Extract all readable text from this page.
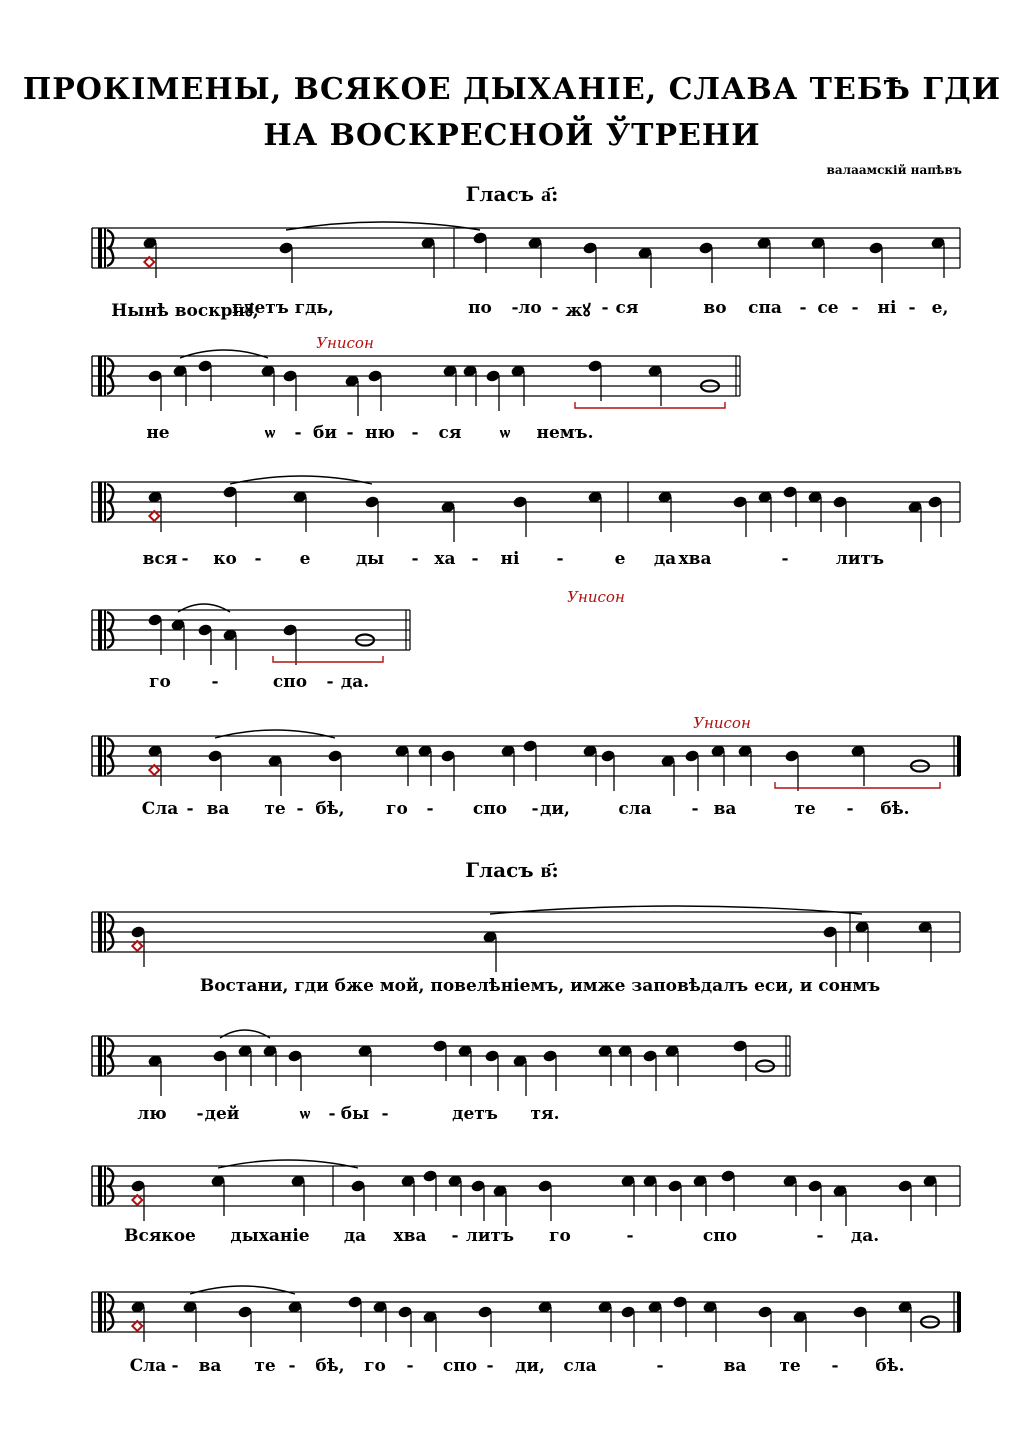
ПРОКІМЕНЫ, ВСЯКОЕ ДЫХАНІЕ, СЛАВА ТЕБѢ ГДИ
НА ВОСКРЕСНОЙ ЎТРЕНИ
валаамскій напѣвъ
Гласъ а҃:
Гласъ в҃:
Нынѣ воскрнꙋ,
глетъ гдь,	по - ло - жꙋ - ся	во спа - се - ні - е,
Унисон
не	ѡ - би - ню - ся ѡ немъ.
вся - ко - е	ды - ха - ні -	е да хва	-	литъ
Унисон
го -	спо - да.
Унисон
Сла - ва те - бѣ, го - спо - ди,	сла - ва	те - бѣ.
Востани, гди бже мой, повелѣніемъ, имже заповѣдалъ еси, и сонмъ
лю - дей	ѡ - бы -	детъ тя.
Всякое дыханіе да хва - литъ го	-	спо	- да.
Сла - ва те - бѣ, го - спо - ди, сла	-	ва те - бѣ.
